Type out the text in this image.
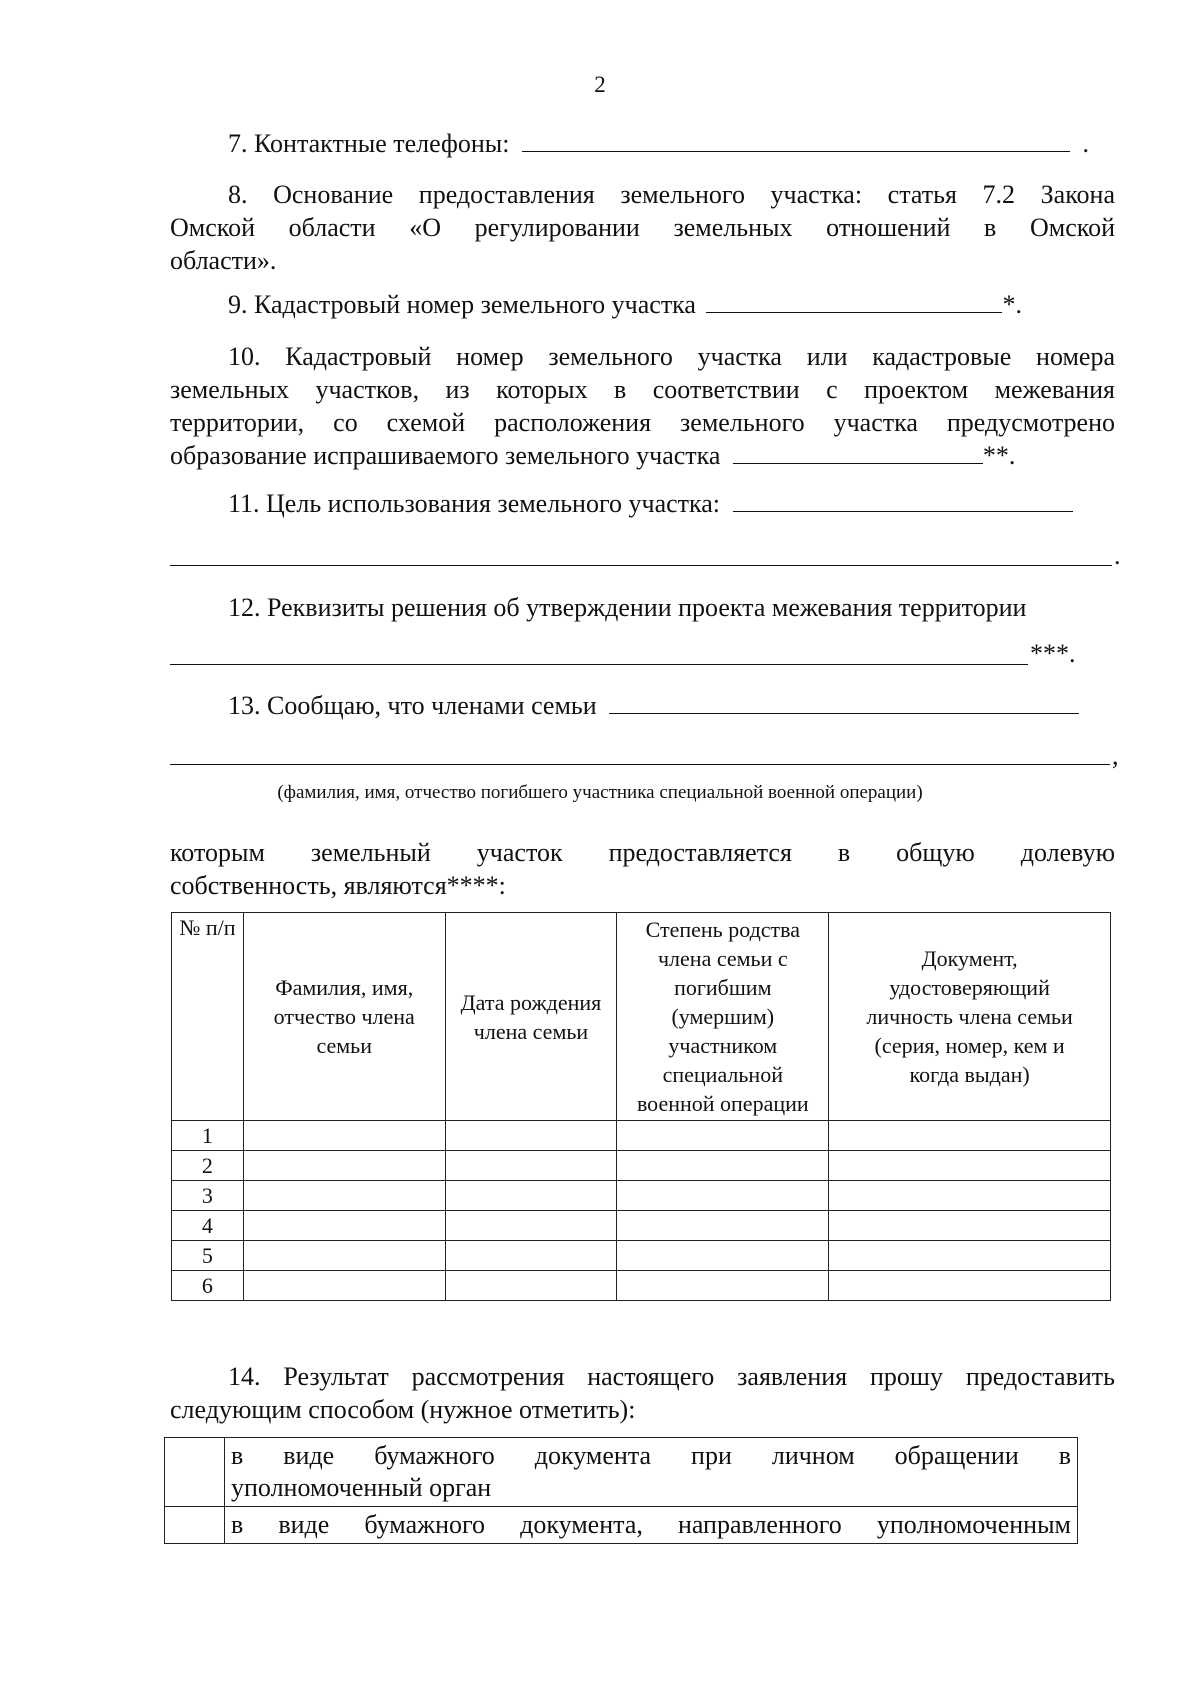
2
7. Контактные телефоны:	.
8. Основание предоставления земельного участка: статья 7.2 Закона
Омской области «О регулировании земельных отношений в Омской
области».
9. Кадастровый номер земельного участка	*.
10. Кадастровый номер земельного участка или кадастровые номера
земельных участков, из которых в соответствии с проектом межевания
территории, со схемой расположения земельного участка предусмотрено
образование испрашиваемого земельного участка	**.
11. Цель использования земельного участка:
.
12. Реквизиты решения об утверждении проекта межевания территории
***.
13. Сообщаю, что членами семьи
,
(фамилия, имя, отчество погибшего участника специальной военной операции)
которым земельный участок предоставляется в общую долевую
собственность, являются****:
№ п/п	Фамилия, имя, отчество члена семьи	Дата рождения члена семьи	Степень родства члена семьи с погибшим (умершим) участником специальной военной операции	Документ, удостоверяющий личность члена семьи (серия, номер, кем и когда выдан)

1				
2				
3				
4				
5				
6				
14. Результат рассмотрения настоящего заявления прошу предоставить
следующим способом (нужное отметить):

	в виде бумажного документа при личном обращении в
уполномоченный орган

	в виде бумажного документа, направленного уполномоченным
